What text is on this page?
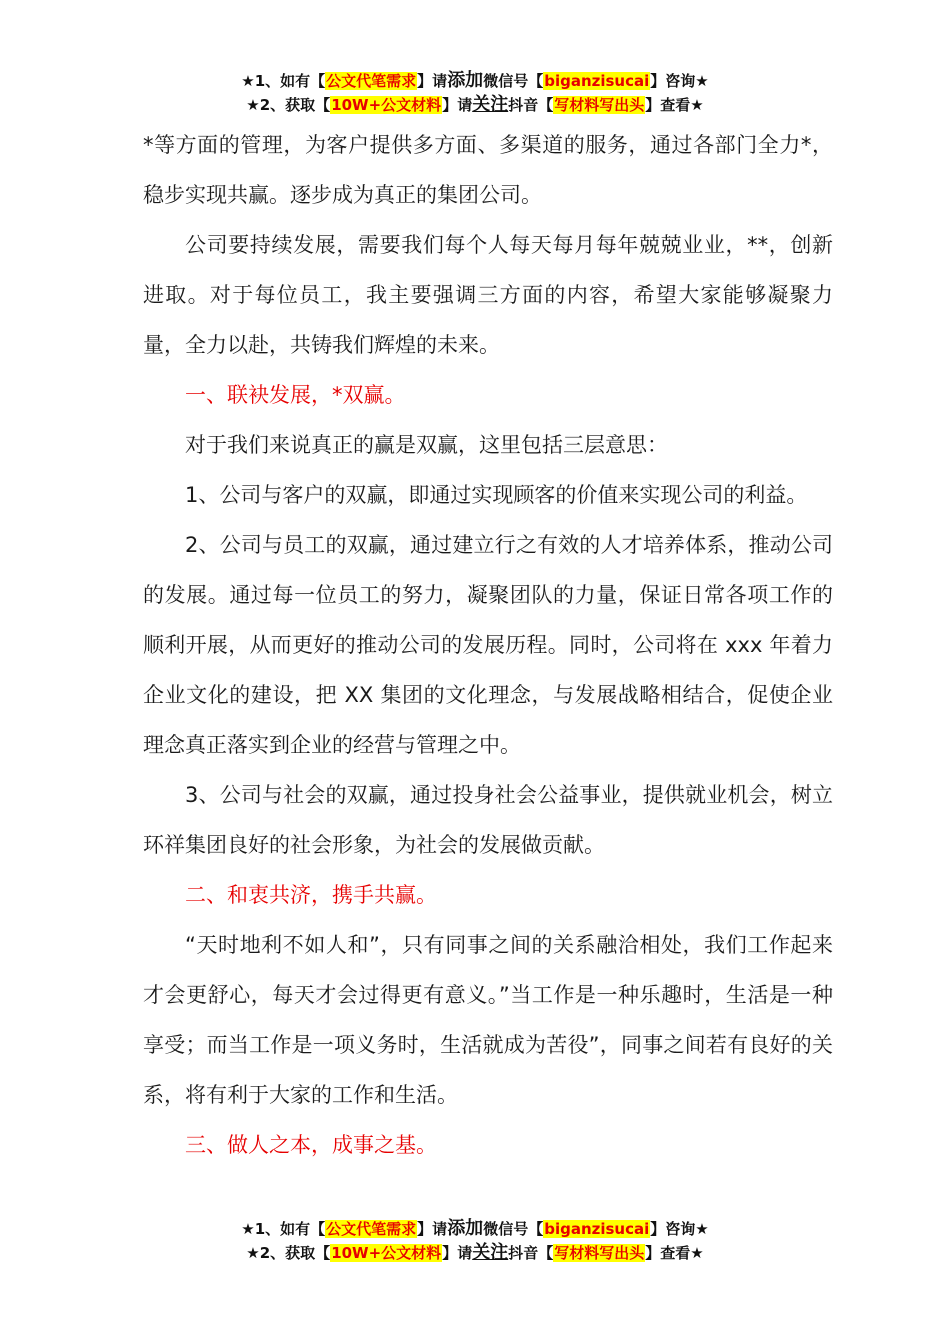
★1、如有【公文代笔需求】请添加微信号【biganzisucai】咨询★
★2、获取【10W+公文材料】请关注抖音【写材料写出头】查看★

*等方面的管理，为客户提供多方面、多渠道的服务，通过各部门全力*，稳步实现共赢。逐步成为真正的集团公司。

公司要持续发展，需要我们每个人每天每月每年兢兢业业，**，创新进取。对于每位员工，我主要强调三方面的内容，希望大家能够凝聚力量，全力以赴，共铸我们辉煌的未来。

一、联袂发展，*双赢。

对于我们来说真正的赢是双赢，这里包括三层意思：

1、公司与客户的双赢，即通过实现顾客的价值来实现公司的利益。

2、公司与员工的双赢，通过建立行之有效的人才培养体系，推动公司的发展。通过每一位员工的努力，凝聚团队的力量，保证日常各项工作的顺利开展，从而更好的推动公司的发展历程。同时，公司将在 xxx 年着力企业文化的建设，把 XX 集团的文化理念，与发展战略相结合，促使企业理念真正落实到企业的经营与管理之中。

3、公司与社会的双赢，通过投身社会公益事业，提供就业机会，树立环祥集团良好的社会形象，为社会的发展做贡献。

二、和衷共济，携手共赢。

“天时地利不如人和”，只有同事之间的关系融洽相处，我们工作起来才会更舒心，每天才会过得更有意义。”当工作是一种乐趣时，生活是一种享受；而当工作是一项义务时，生活就成为苦役”，同事之间若有良好的关系，将有利于大家的工作和生活。

三、做人之本，成事之基。

★1、如有【公文代笔需求】请添加微信号【biganzisucai】咨询★
★2、获取【10W+公文材料】请关注抖音【写材料写出头】查看★
